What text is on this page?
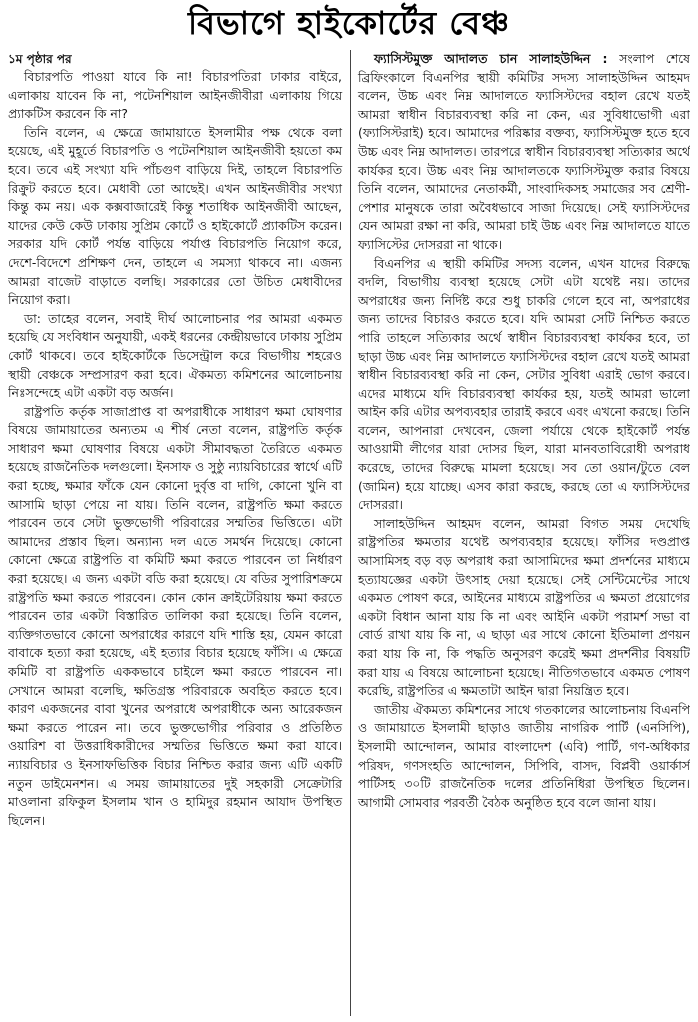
বিভাগে হাইকোর্টের বেঞ্চ
১ম পৃষ্ঠার পর

বিচারপতি পাওয়া যাবে কি না! বিচারপতিরা ঢাকার বাইরে, এলাকায় যাবেন কি না, পটেনশিয়াল আইনজীবীরা এলাকায় গিয়ে প্র্যাকটিস করবেন কি না?

তিনি বলেন, এ ক্ষেত্রে জামায়াতে ইসলামীর পক্ষ থেকে বলা হয়েছে, এই মুহূর্তে বিচারপতি ও পটেনশিয়াল আইনজীবী হয়তো কম হবে। তবে এই সংখ্যা যদি পাঁচগুণ বাড়িয়ে দিই, তাহলে বিচারপতি রিক্রুট করতে হবে। মেধাবী তো আছেই। এখন আইনজীবীর সংখ্যা কিন্তু কম নয়। এক কক্সবাজারেই কিন্তু শতাধিক আইনজীবী আছেন, যাদের কেউ কেউ ঢাকায় সুপ্রিম কোর্টে ও হাইকোর্টে প্র্যাকটিস করেন। সরকার যদি কোর্ট পর্যন্ত বাড়িয়ে পর্যাপ্ত বিচারপতি নিয়োগ করে, দেশে-বিদেশে প্রশিক্ষণ দেন, তাহলে এ সমস্যা থাকবে না। এজন্য আমরা বাজেট বাড়াতে বলছি। সরকারের তো উচিত মেধাবীদের নিয়োগ করা।

ডা: তাহের বলেন, সবাই দীর্ঘ আলোচনার পর আমরা একমত হয়েছি যে সংবিধান অনুযায়ী, একই ধরনের কেন্দ্রীয়ভাবে ঢাকায় সুপ্রিম কোর্ট থাকবে। তবে হাইকোর্টকে ডিসেন্ট্রাল করে বিভাগীয় শহরেও স্থায়ী বেঞ্চকে সম্প্রসারণ করা হবে। ঐকমত্য কমিশনের আলোচনায় নিঃসন্দেহে এটা একটা বড় অর্জন।

রাষ্ট্রপতি কর্তৃক সাজাপ্রাপ্ত বা অপরাধীকে সাধারণ ক্ষমা ঘোষণার বিষয়ে জামায়াতের অন্যতম এ শীর্ষ নেতা বলেন, রাষ্ট্রপতি কর্তৃক সাধারণ ক্ষমা ঘোষণার বিষয়ে একটা সীমাবদ্ধতা তৈরিতে একমত হয়েছে রাজনৈতিক দলগুলো। ইনসাফ ও সুষ্ঠু ন্যায়বিচারের স্বার্থে এটি করা হচ্ছে, ক্ষমার ফাঁকে যেন কোনো দুর্বৃত্ত বা দাগি, কোনো খুনি বা আসামি ছাড়া পেয়ে না যায়। তিনি বলেন, রাষ্ট্রপতি ক্ষমা করতে পারবেন তবে সেটা ভুক্তভোগী পরিবারের সম্মতির ভিত্তিতে। এটা আমাদের প্রস্তাব ছিল। অন্যান্য দল এতে সমর্থন দিয়েছে। কোনো কোনো ক্ষেত্রে রাষ্ট্রপতি বা কমিটি ক্ষমা করতে পারবেন তা নির্ধারণ করা হয়েছে। এ জন্য একটা বডি করা হয়েছে। যে বডির সুপারিশক্রমে রাষ্ট্রপতি ক্ষমা করতে পারবেন। কোন কোন ক্রাইটেরিয়ায় ক্ষমা করতে পারবেন তার একটা বিস্তারিত তালিকা করা হয়েছে। তিনি বলেন, ব্যক্তিগতভাবে কোনো অপরাধের কারণে যদি শাস্তি হয়, যেমন কারো বাবাকে হত্যা করা হয়েছে, এই হত্যার বিচার হয়েছে ফাঁসি। এ ক্ষেত্রে কমিটি বা রাষ্ট্রপতি এককভাবে চাইলে ক্ষমা করতে পারবেন না। সেখানে আমরা বলেছি, ক্ষতিগ্রস্ত পরিবারকে অবহিত করতে হবে। কারণ একজনের বাবা খুনের অপরাধে অপরাধীকে অন্য আরেকজন ক্ষমা করতে পারেন না। তবে ভুক্তভোগীর পরিবার ও প্রতিষ্ঠিত ওয়ারিশ বা উত্তরাধিকারীদের সম্মতির ভিত্তিতে ক্ষমা করা যাবে। ন্যায়বিচার ও ইনসাফভিত্তিক বিচার নিশ্চিত করার জন্য এটি একটি নতুন ডাইমেনশন। এ সময় জামায়াতের দুই সহকারী সেক্রেটারি মাওলানা রফিকুল ইসলাম খান ও হামিদুর রহমান আযাদ উপস্থিত ছিলেন।

ফ্যাসিস্টমুক্ত আদালত চান সালাহউদ্দিন : সংলাপ শেষে ব্রিফিংকালে বিএনপির স্থায়ী কমিটির সদস্য সালাহউদ্দিন আহমদ বলেন, উচ্চ এবং নিম্ন আদালতে ফ্যাসিস্টদের বহাল রেখে যতই আমরা স্বাধীন বিচারব্যবস্থা করি না কেন, এর সুবিধাভোগী এরা (ফ্যাসিস্টরাই) হবে। আমাদের পরিষ্কার বক্তব্য, ফ্যাসিস্টমুক্ত হতে হবে উচ্চ এবং নিম্ন আদালত। তারপরে স্বাধীন বিচারব্যবস্থা সত্যিকার অর্থে কার্যকর হবে। উচ্চ এবং নিম্ন আদালতকে ফ্যাসিস্টমুক্ত করার বিষয়ে তিনি বলেন, আমাদের নেতাকর্মী, সাংবাদিকসহ সমাজের সব শ্রেণী-পেশার মানুষকে তারা অবৈধভাবে সাজা দিয়েছে। সেই ফ্যাসিস্টদের যেন আমরা রক্ষা না করি, আমরা চাই উচ্চ এবং নিম্ন আদালতে যাতে ফ্যাসিস্টের দোসররা না থাকে।

বিএনপির এ স্থায়ী কমিটির সদস্য বলেন, এখন যাদের বিরুদ্ধে বদলি, বিভাগীয় ব্যবস্থা হয়েছে সেটা এটা যথেষ্ট নয়। তাদের অপরাধের জন্য নির্দিষ্ট করে শুধু চাকরি গেলে হবে না, অপরাধের জন্য তাদের বিচারও করতে হবে। যদি আমরা সেটি নিশ্চিত করতে পারি তাহলে সত্যিকার অর্থে স্বাধীন বিচারব্যবস্থা কার্যকর হবে, তা ছাড়া উচ্চ এবং নিম্ন আদালতে ফ্যাসিস্টদের বহাল রেখে যতই আমরা স্বাধীন বিচারব্যবস্থা করি না কেন, সেটার সুবিধা এরাই ভোগ করবে। এদের মাধ্যমে যদি বিচারব্যবস্থা কার্যকর হয়, যতই আমরা ভালো আইন করি এটার অপব্যবহার তারাই করবে এবং এখনো করছে। তিনি বলেন, আপনারা দেখবেন, জেলা পর্যায়ে থেকে হাইকোর্ট পর্যন্ত আওয়ামী লীগের যারা দোসর ছিল, যারা মানবতাবিরোধী অপরাধ করেছে, তাদের বিরুদ্ধে মামলা হয়েছে। সব তো ওয়ান/টুতে বেল (জামিন) হয়ে যাচ্ছে। এসব কারা করছে, করছে তো এ ফ্যাসিস্টদের দোসররা।

সালাহউদ্দিন আহমদ বলেন, আমরা বিগত সময় দেখেছি রাষ্ট্রপতির ক্ষমতার যথেষ্ট অপব্যবহার হয়েছে। ফাঁসির দণ্ডপ্রাপ্ত আসামিসহ বড় বড় অপরাধ করা আসামিদের ক্ষমা প্রদর্শনের মাধ্যমে হত্যাযজ্ঞের একটা উৎসাহ দেয়া হয়েছে। সেই সেন্টিমেন্টের সাথে একমত পোষণ করে, আইনের মাধ্যমে রাষ্ট্রপতির এ ক্ষমতা প্রয়োগের একটা বিধান আনা যায় কি না এবং আইনি একটা পরামর্শ সভা বা বোর্ড রাখা যায় কি না, এ ছাড়া এর সাথে কোনো ইতিমালা প্রণয়ন করা যায় কি না, কি পদ্ধতি অনুসরণ করেই ক্ষমা প্রদর্শনীর বিষয়টি করা যায় এ বিষয়ে আলোচনা হয়েছে। নীতিগতভাবে একমত পোষণ করেছি, রাষ্ট্রপতির এ ক্ষমতাটা আইন দ্বারা নিয়ন্ত্রিত হবে।

জাতীয় ঐকমত্য কমিশনের সাথে গতকালের আলোচনায় বিএনপি ও জামায়াতে ইসলামী ছাড়াও জাতীয় নাগরিক পার্টি (এনসিপি), ইসলামী আন্দোলন, আমার বাংলাদেশ (এবি) পার্টি, গণ-অধিকার পরিষদ, গণসংহতি আন্দোলন, সিপিবি, বাসদ, বিপ্লবী ওয়ার্কার্স পার্টিসহ ৩০টি রাজনৈতিক দলের প্রতিনিধিরা উপস্থিত ছিলেন। আগামী সোমবার পরবর্তী বৈঠক অনুষ্ঠিত হবে বলে জানা যায়।
